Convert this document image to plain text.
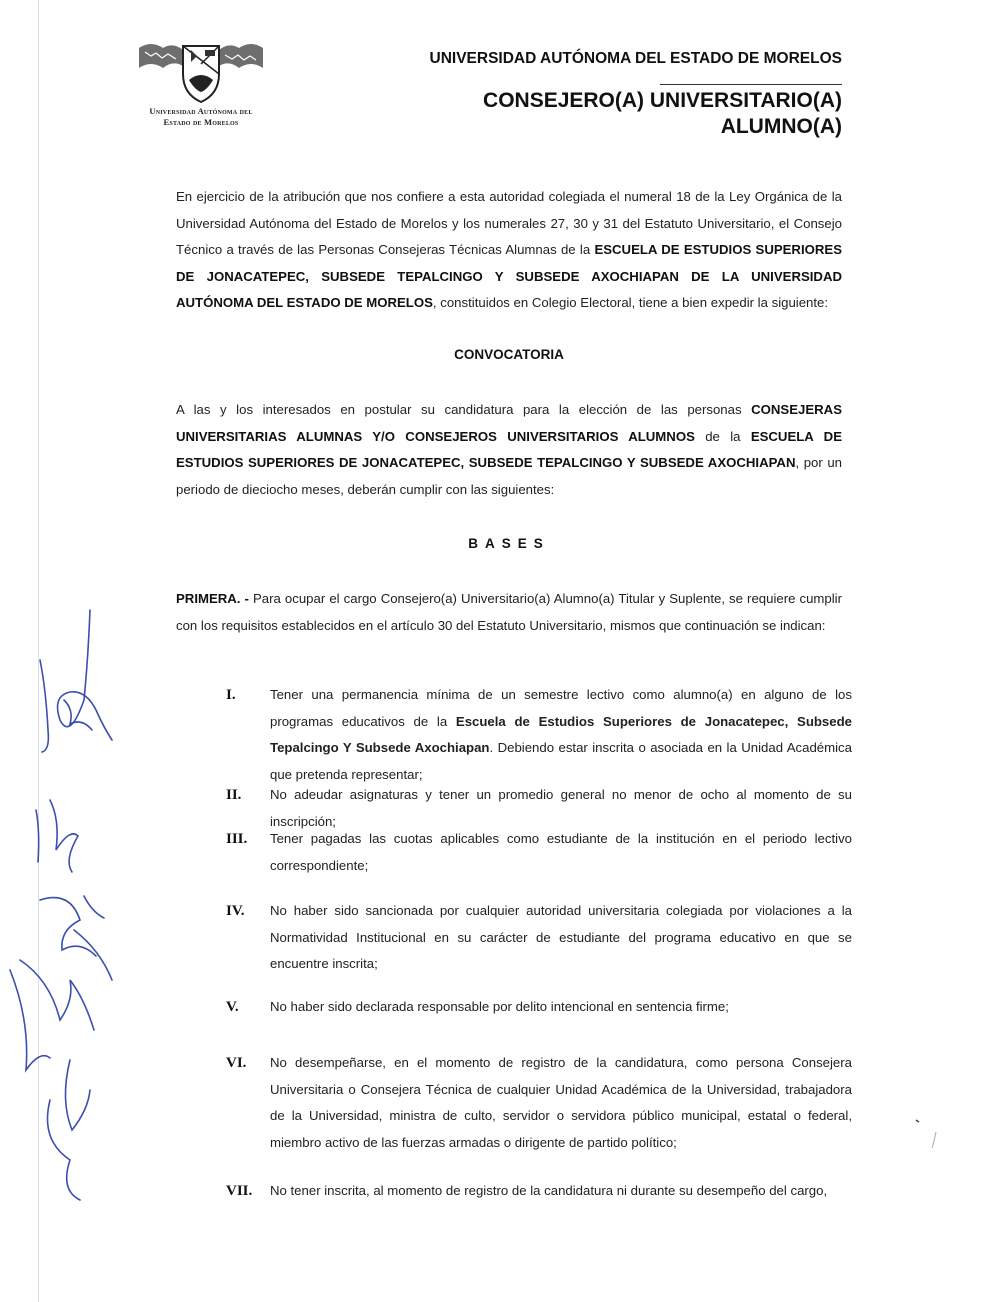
Universidad Autónoma del
Estado de Morelos
UNIVERSIDAD AUTÓNOMA DEL ESTADO DE MORELOS
CONSEJERO(A) UNIVERSITARIO(A)
ALUMNO(A)
En ejercicio de la atribución que nos confiere a esta autoridad colegiada el numeral 18 de la Ley Orgánica de la Universidad Autónoma del Estado de Morelos y los numerales 27, 30 y 31 del Estatuto Universitario, el Consejo Técnico a través de las Personas Consejeras Técnicas Alumnas de la ESCUELA DE ESTUDIOS SUPERIORES DE JONACATEPEC, SUBSEDE TEPALCINGO Y SUBSEDE AXOCHIAPAN DE LA UNIVERSIDAD AUTÓNOMA DEL ESTADO DE MORELOS, constituidos en Colegio Electoral, tiene a bien expedir la siguiente:
CONVOCATORIA
A las y los interesados en postular su candidatura para la elección de las personas CONSEJERAS UNIVERSITARIAS ALUMNAS Y/O CONSEJEROS UNIVERSITARIOS ALUMNOS de la ESCUELA DE ESTUDIOS SUPERIORES DE JONACATEPEC, SUBSEDE TEPALCINGO Y SUBSEDE AXOCHIAPAN, por un periodo de dieciocho meses, deberán cumplir con las siguientes:
BASES
PRIMERA. - Para ocupar el cargo Consejero(a) Universitario(a) Alumno(a) Titular y Suplente, se requiere cumplir con los requisitos establecidos en el artículo 30 del Estatuto Universitario, mismos que continuación se indican:
I.	Tener una permanencia mínima de un semestre lectivo como alumno(a) en alguno de los programas educativos de la Escuela de Estudios Superiores de Jonacatepec, Subsede Tepalcingo Y Subsede Axochiapan. Debiendo estar inscrita o asociada en la Unidad Académica que pretenda representar;
II. No adeudar asignaturas y tener un promedio general no menor de ocho al momento de su inscripción;
III. Tener pagadas las cuotas aplicables como estudiante de la institución en el periodo lectivo correspondiente;
IV. No haber sido sancionada por cualquier autoridad universitaria colegiada por violaciones a la Normatividad Institucional en su carácter de estudiante del programa educativo en que se encuentre inscrita;
V. No haber sido declarada responsable por delito intencional en sentencia firme;
VI. No desempeñarse, en el momento de registro de la candidatura, como persona Consejera Universitaria o Consejera Técnica de cualquier Unidad Académica de la Universidad, trabajadora de la Universidad, ministra de culto, servidor o servidora público municipal, estatal o federal, miembro activo de las fuerzas armadas o dirigente de partido político;
VII. No tener inscrita, al momento de registro de la candidatura ni durante su desempeño del cargo,
